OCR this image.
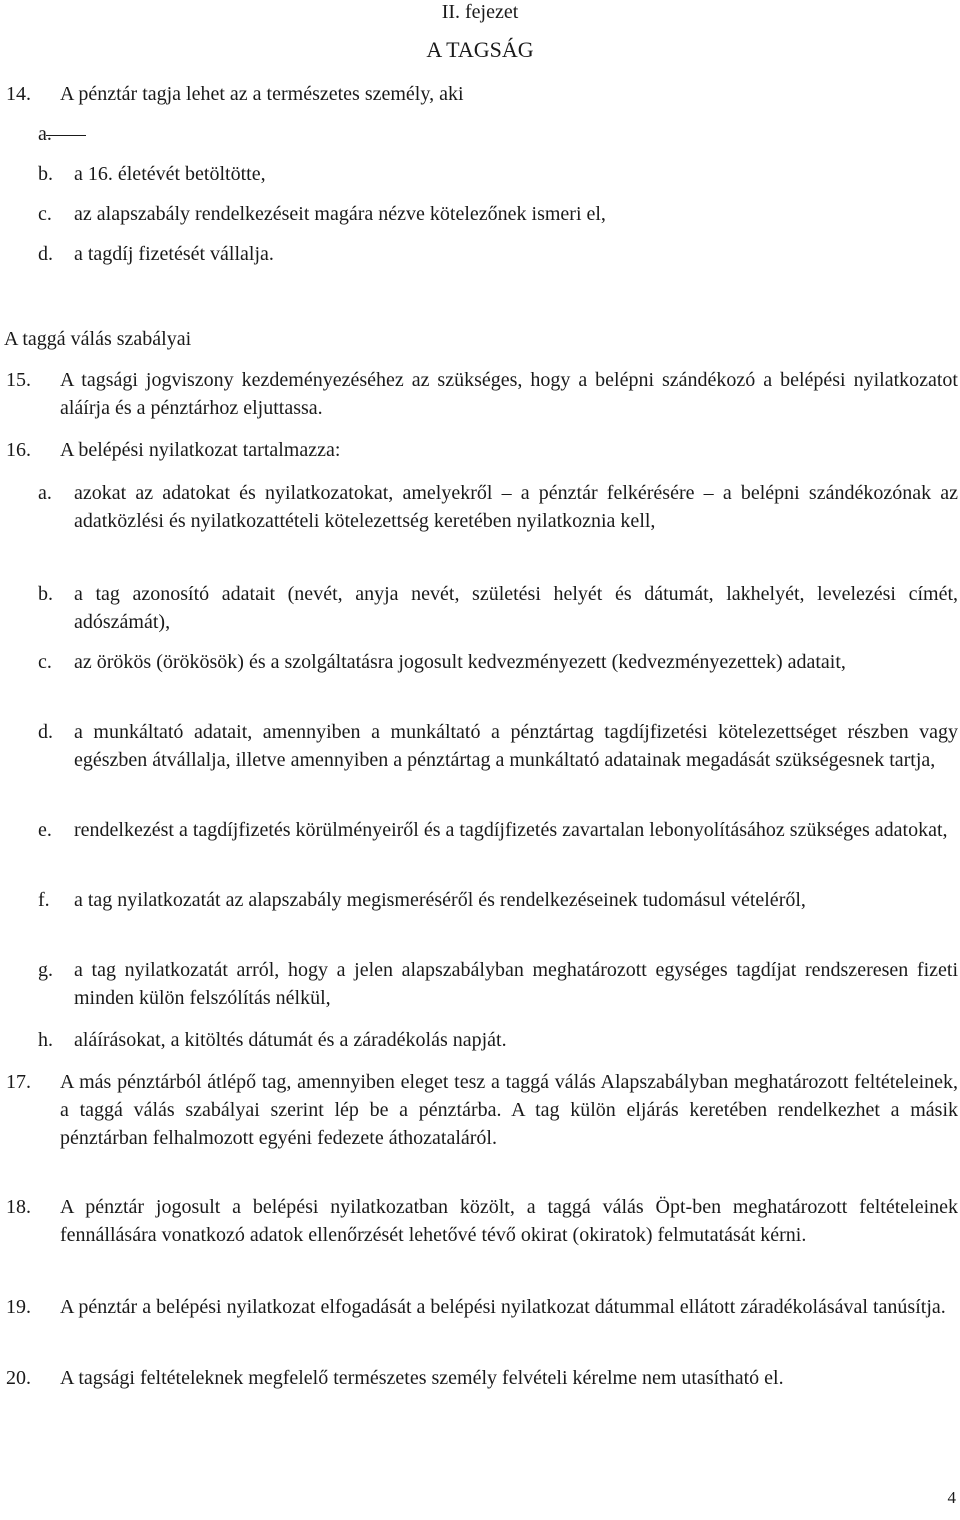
II. fejezet
A TAGSÁG
14. A pénztár tagja lehet az a természetes személy, aki
a.
b. a 16. életévét betöltötte,
c. az alapszabály rendelkezéseit magára nézve kötelezőnek ismeri el,
d. a tagdíj fizetését vállalja.
A taggá válás szabályai
15. A tagsági jogviszony kezdeményezéséhez az szükséges, hogy a belépni szándékozó a belépési nyilatkozatot aláírja és a pénztárhoz eljuttassa.
16. A belépési nyilatkozat tartalmazza:
a. azokat az adatokat és nyilatkozatokat, amelyekről – a pénztár felkérésére – a belépni szándékozónak az adatközlési és nyilatkozattételi kötelezettség keretében nyilatkoznia kell,
b. a tag azonosító adatait (nevét, anyja nevét, születési helyét és dátumát, lakhelyét, levelezési címét, adószámát),
c. az örökös (örökösök) és a szolgáltatásra jogosult kedvezményezett (kedvezményezettek) adatait,
d. a munkáltató adatait, amennyiben a munkáltató a pénztártag tagdíjfizetési kötelezettséget részben vagy egészben átvállalja, illetve amennyiben a pénztártag a munkáltató adatainak megadását szükségesnek tartja,
e. rendelkezést a tagdíjfizetés körülményeiről és a tagdíjfizetés zavartalan lebonyolításához szükséges adatokat,
f. a tag nyilatkozatát az alapszabály megismeréséről és rendelkezéseinek tudomásul vételéről,
g. a tag nyilatkozatát arról, hogy a jelen alapszabályban meghatározott egységes tagdíjat rendszeresen fizeti minden külön felszólítás nélkül,
h. aláírásokat, a kitöltés dátumát és a záradékolás napját.
17. A más pénztárból átlépő tag, amennyiben eleget tesz a taggá válás Alapszabályban meghatározott feltételeinek, a taggá válás szabályai szerint lép be a pénztárba. A tag külön eljárás keretében rendelkezhet a másik pénztárban felhalmozott egyéni fedezete áthozataláról.
18. A pénztár jogosult a belépési nyilatkozatban közölt, a taggá válás Öpt-ben meghatározott feltételeinek fennállására vonatkozó adatok ellenőrzését lehetővé tévő okirat (okiratok) felmutatását kérni.
19. A pénztár a belépési nyilatkozat elfogadását a belépési nyilatkozat dátummal ellátott záradékolásával tanúsítja.
20. A tagsági feltételeknek megfelelő természetes személy felvételi kérelme nem utasítható el.
4
